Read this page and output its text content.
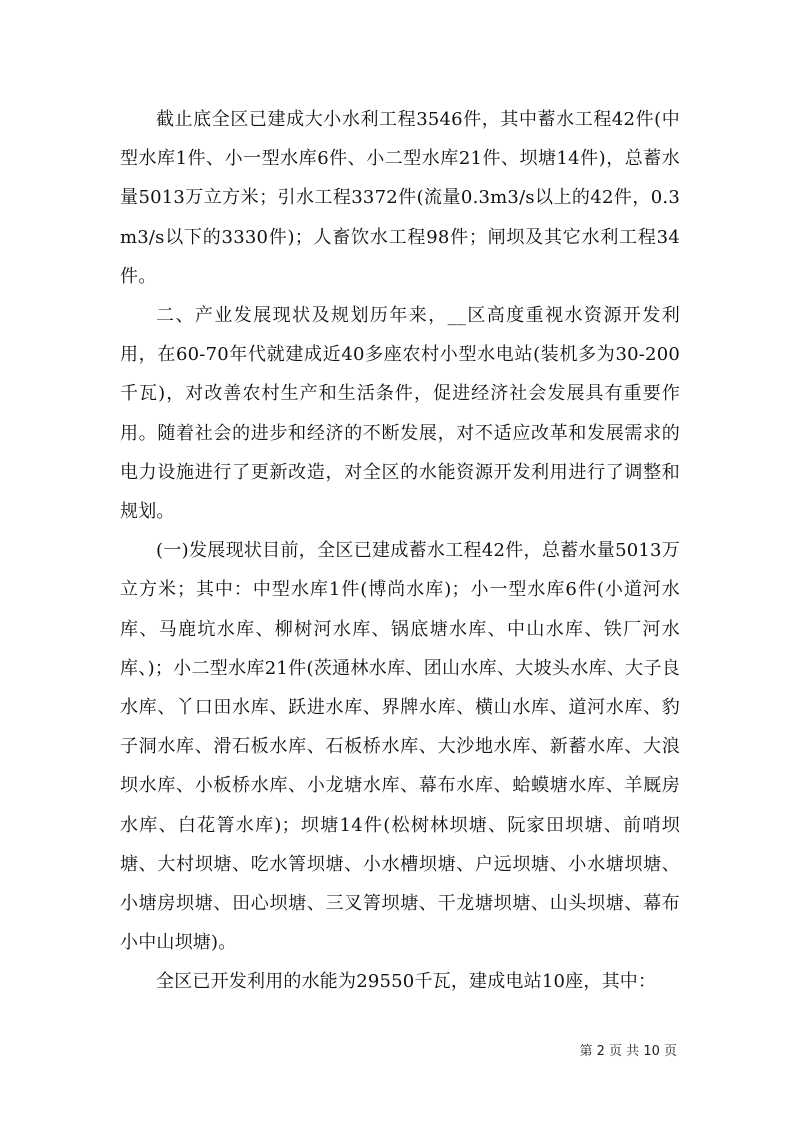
截止底全区已建成大小水利工程3546件，其中蓄水工程42件(中型水库1件、小一型水库6件、小二型水库21件、坝塘14件)，总蓄水量5013万立方米；引水工程3372件(流量0.3m3/s以上的42件，0.3m3/s以下的3330件)；人畜饮水工程98件；闸坝及其它水利工程34件。

二、产业发展现状及规划历年来，__区高度重视水资源开发利用，在60-70年代就建成近40多座农村小型水电站(装机多为30-200千瓦)，对改善农村生产和生活条件，促进经济社会发展具有重要作用。随着社会的进步和经济的不断发展，对不适应改革和发展需求的电力设施进行了更新改造，对全区的水能资源开发利用进行了调整和规划。

(一)发展现状目前，全区已建成蓄水工程42件，总蓄水量5013万立方米；其中：中型水库1件(博尚水库)；小一型水库6件(小道河水库、马鹿坑水库、柳树河水库、锅底塘水库、中山水库、铁厂河水库、)；小二型水库21件(茨通林水库、团山水库、大坡头水库、大子良水库、丫口田水库、跃进水库、界牌水库、横山水库、道河水库、豹子洞水库、滑石板水库、石板桥水库、大沙地水库、新蓄水库、大浪坝水库、小板桥水库、小龙塘水库、幕布水库、蛤蟆塘水库、羊厩房水库、白花箐水库)；坝塘14件(松树林坝塘、阮家田坝塘、前哨坝塘、大村坝塘、吃水箐坝塘、小水槽坝塘、户远坝塘、小水塘坝塘、小塘房坝塘、田心坝塘、三叉箐坝塘、干龙塘坝塘、山头坝塘、幕布小中山坝塘)。

全区已开发利用的水能为29550千瓦，建成电站10座，其中：

第 2 页 共 10 页
